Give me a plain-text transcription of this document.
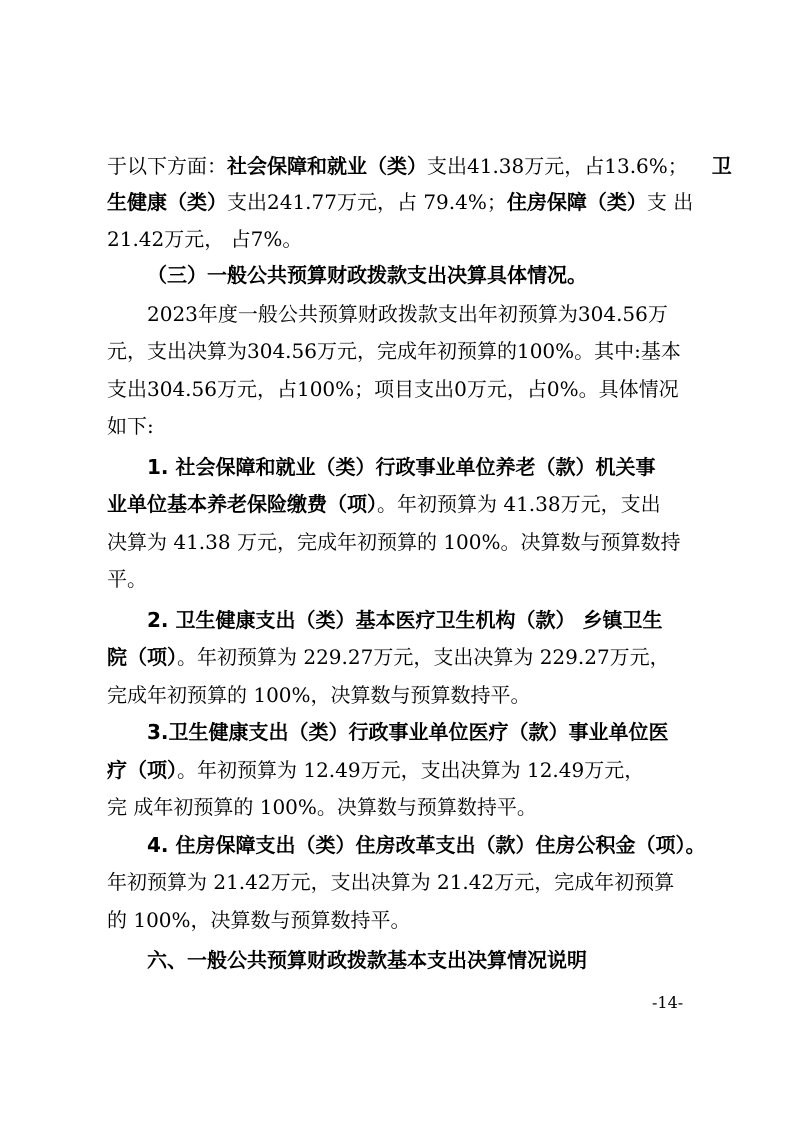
于以下方面：社会保障和就业（类）支出41.38万元，占13.6%； 卫
生健康（类）支出241.77万元，占 79.4%；住房保障（类）支 出
21.42万元， 占7%。
（三）一般公共预算财政拨款支出决算具体情况。
2023年度一般公共预算财政拨款支出年初预算为304.56万
元，支出决算为304.56万元，完成年初预算的100%。其中:基本
支出304.56万元，占100%；项目支出0万元，占0%。具体情况
如下:
1. 社会保障和就业（类）行政事业单位养老（款）机关事
业单位基本养老保险缴费（项）。年初预算为 41.38万元，支出
决算为 41.38 万元，完成年初预算的 100%。决算数与预算数持
平。
2. 卫生健康支出（类）基本医疗卫生机构（款） 乡镇卫生
院（项）。年初预算为 229.27万元，支出决算为 229.27万元，
完成年初预算的 100%，决算数与预算数持平。
3.卫生健康支出（类）行政事业单位医疗（款）事业单位医
疗（项）。年初预算为 12.49万元，支出决算为 12.49万元，
完 成年初预算的 100%。决算数与预算数持平。
4. 住房保障支出（类）住房改革支出（款）住房公积金（项）。
年初预算为 21.42万元，支出决算为 21.42万元，完成年初预算
的 100%，决算数与预算数持平。
六、一般公共预算财政拨款基本支出决算情况说明
-14-
